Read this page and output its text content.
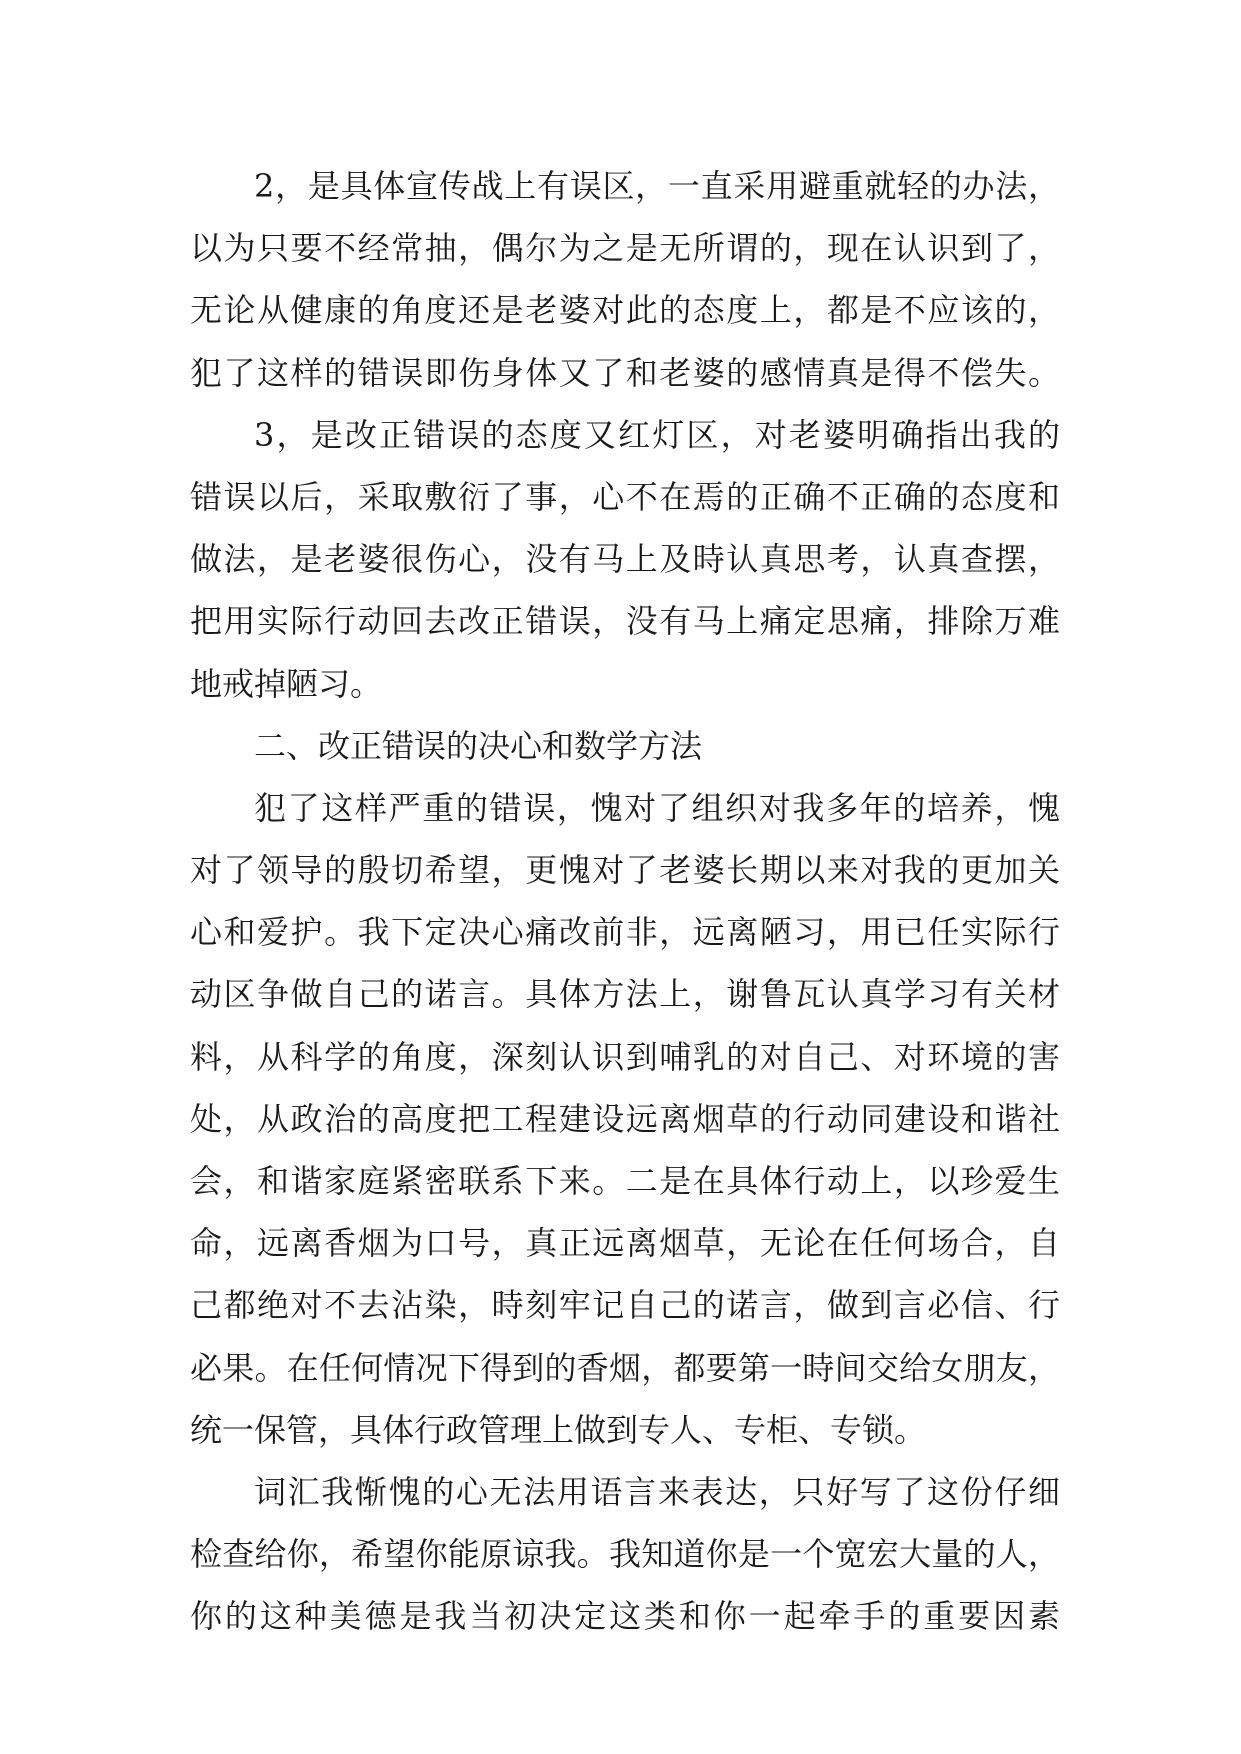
2，是具体宣传战上有误区，一直采用避重就轻的办法，
以为只要不经常抽，偶尔为之是无所谓的，现在认识到了，
无论从健康的角度还是老婆对此的态度上，都是不应该的，
犯了这样的错误即伤身体又了和老婆的感情真是得不偿失。
3，是改正错误的态度又红灯区，对老婆明确指出我的
错误以后，采取敷衍了事，心不在焉的正确不正确的态度和
做法，是老婆很伤心，没有马上及時认真思考，认真查摆，
把用实际行动回去改正错误，没有马上痛定思痛，排除万难
地戒掉陋习。
二、改正错误的决心和数学方法
犯了这样严重的错误，愧对了组织对我多年的培养，愧
对了领导的殷切希望，更愧对了老婆长期以来对我的更加关
心和爱护。我下定决心痛改前非，远离陋习，用已任实际行
动区争做自己的诺言。具体方法上，谢鲁瓦认真学习有关材
料，从科学的角度，深刻认识到哺乳的对自己、对环境的害
处，从政治的高度把工程建设远离烟草的行动同建设和谐社
会，和谐家庭紧密联系下来。二是在具体行动上，以珍爱生
命，远离香烟为口号，真正远离烟草，无论在任何场合，自
己都绝对不去沾染，時刻牢记自己的诺言，做到言必信、行
必果。在任何情况下得到的香烟，都要第一時间交给女朋友，
统一保管，具体行政管理上做到专人、专柜、专锁。
词汇我惭愧的心无法用语言来表达，只好写了这份仔细
检查给你，希望你能原谅我。我知道你是一个宽宏大量的人，
你的这种美德是我当初决定这类和你一起牵手的重要因素
